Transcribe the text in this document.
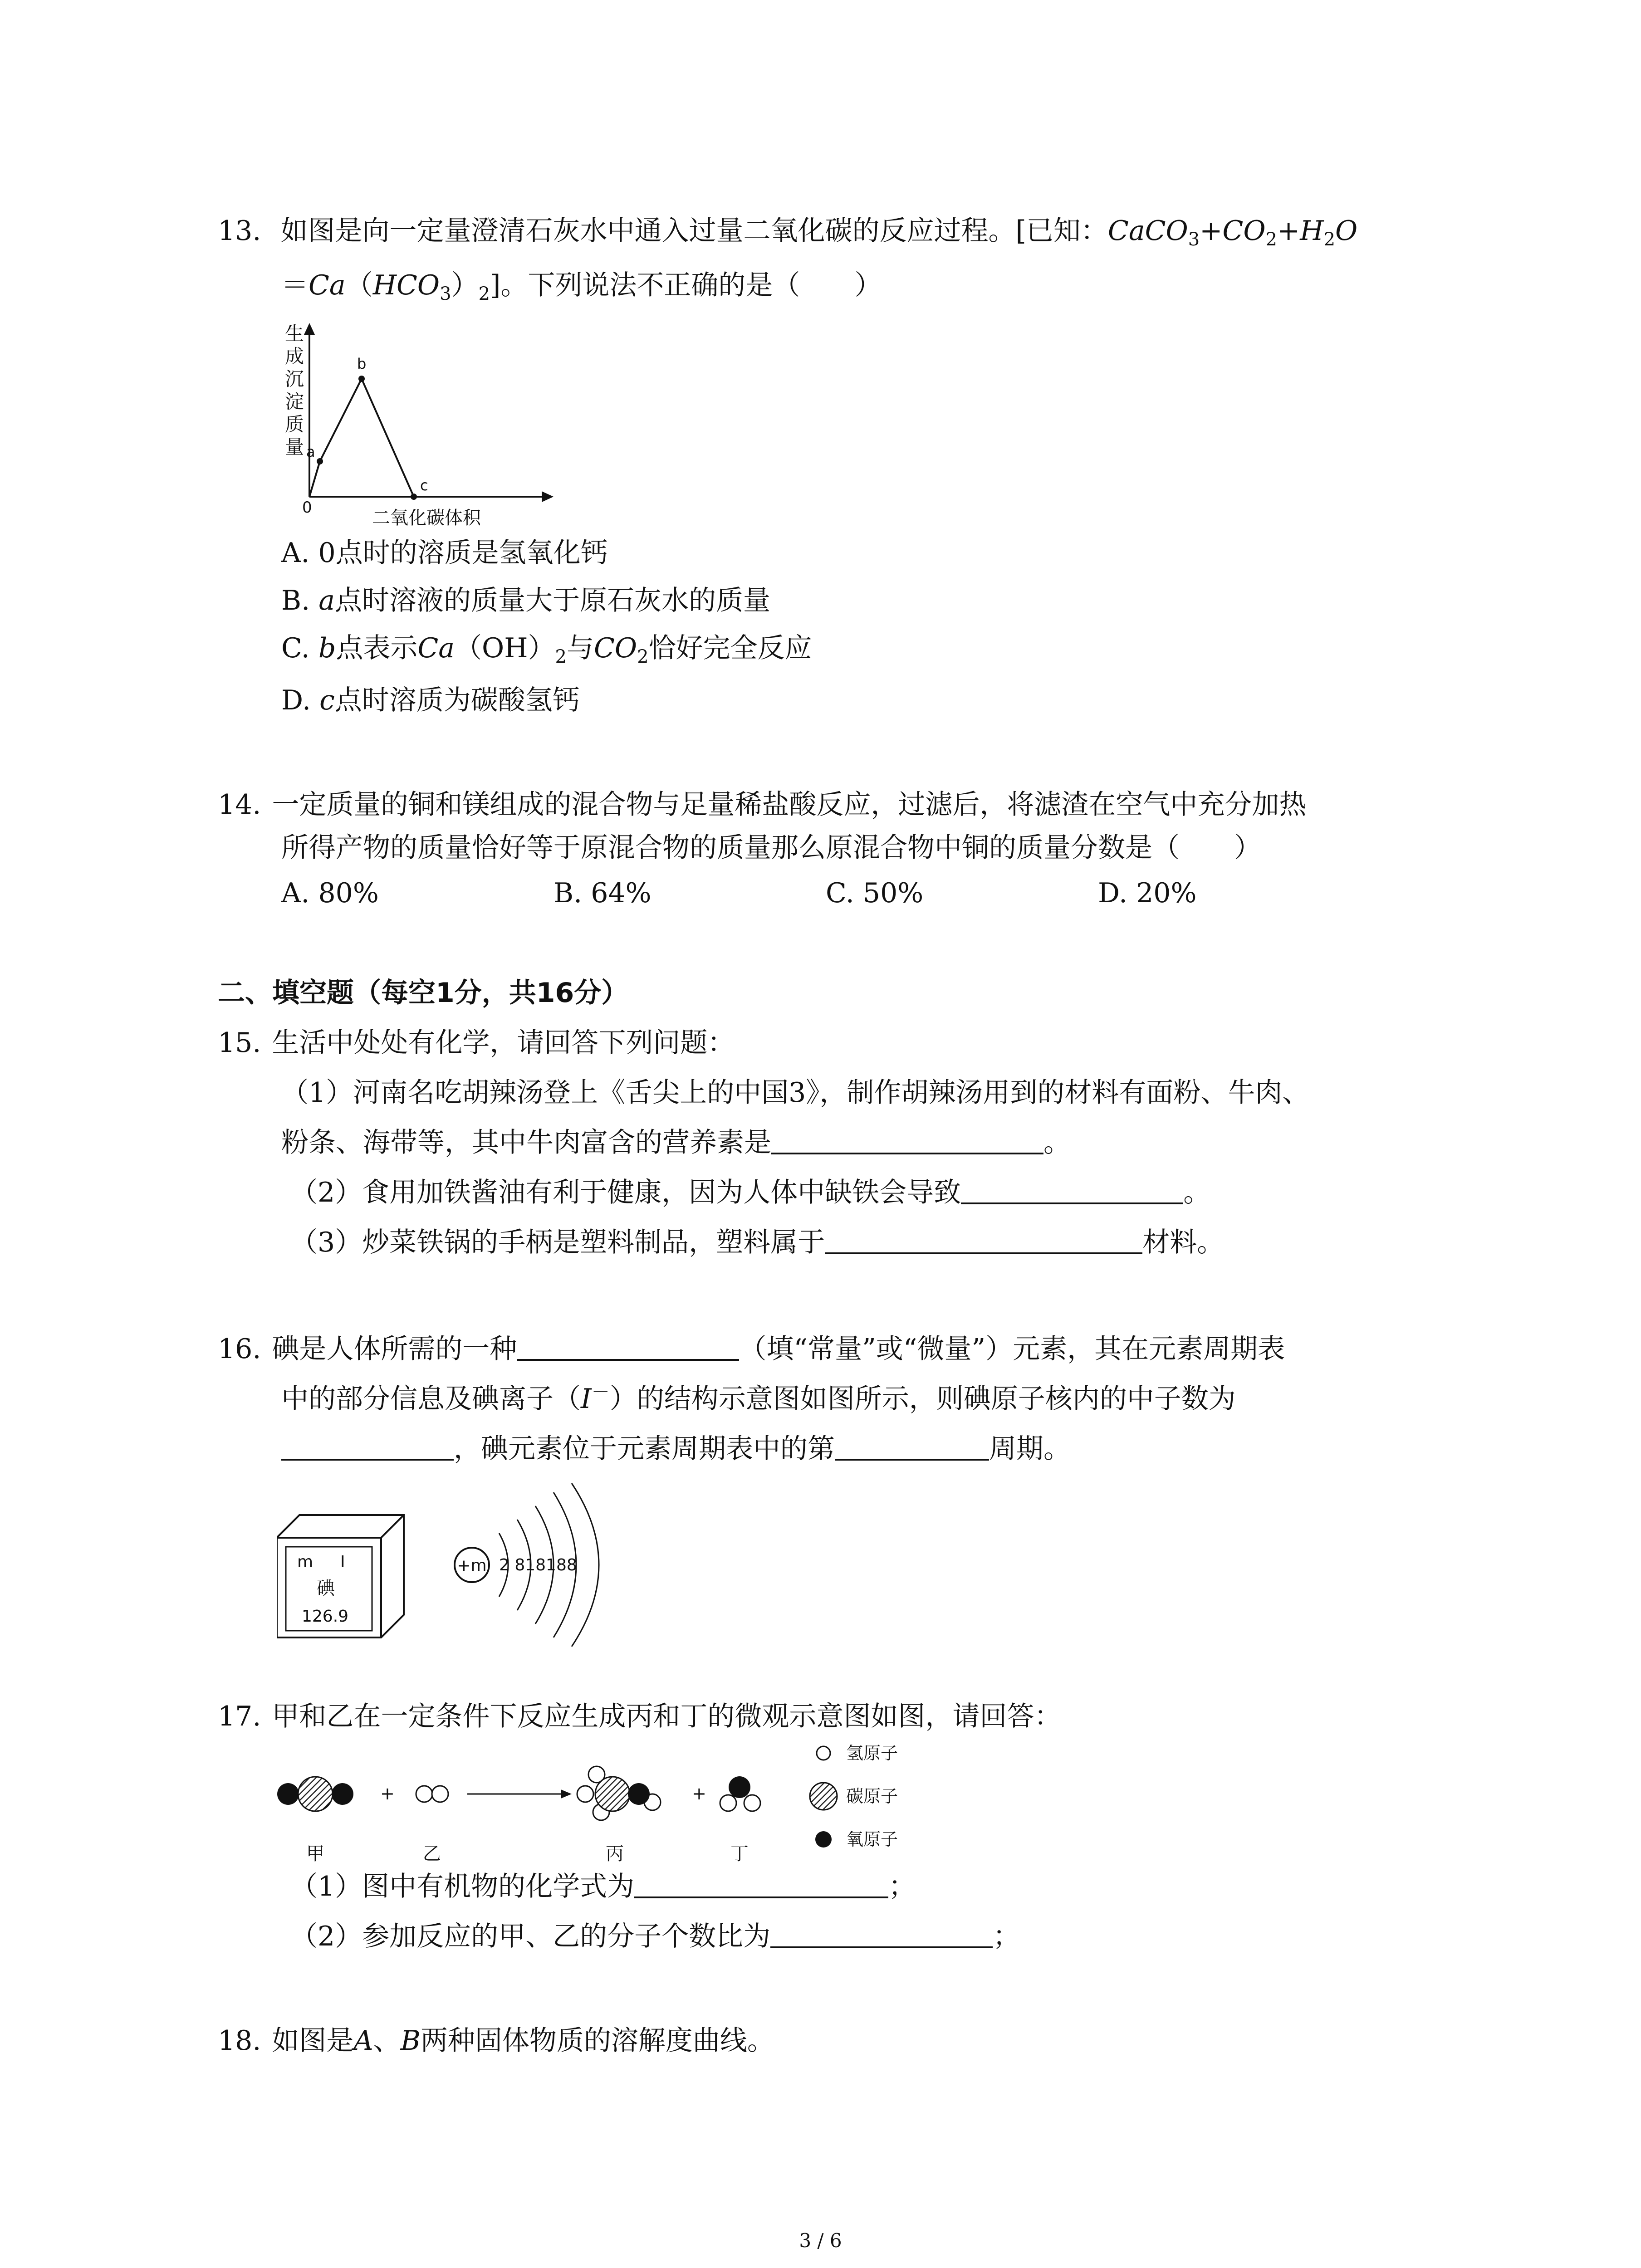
13. 如图是向一定量澄清石灰水中通入过量二氧化碳的反应过程。[已知：$CaCO_3+CO_2+H_2O$
$=Ca(HCO_3)_2$]。下列说法不正确的是（　　）
生
成
沉
淀
质
量
0	二氧化碳体积
a
b
c
A. 0点时的溶质是氢氧化钙
B. a点时溶液的质量大于原石灰水的质量
C. b点表示$Ca(OH)_2$与$CO_2$恰好完全反应
D. c点时溶质为碳酸氢钙
14. 一定质量的铜和镁组成的混合物与足量稀盐酸反应，过滤后，将滤渣在空气中充分加热
所得产物的质量恰好等于原混合物的质量那么原混合物中铜的质量分数是（　　）
A. 80%	B. 64%	C. 50%	D. 20%
二、填空题（每空1分，共16分）
15. 生活中处处有化学，请回答下列问题：
（1）河南名吃胡辣汤登上《舌尖上的中国3》，制作胡辣汤用到的材料有面粉、牛肉、
粉条、海带等，其中牛肉富含的营养素是	。
（2）食用加铁酱油有利于健康，因为人体中缺铁会导致	。
（3）炒菜铁锅的手柄是塑料制品，塑料属于	材料。
16. 碘是人体所需的一种	（填“常量”或“微量”）元素，其在元素周期表
中的部分信息及碘离子（I－）的结构示意图如图所示，则碘原子核内的中子数为
，碘元素位于元素周期表中的第	周期。
m I
碘
126.9
+m 2 818188
17. 甲和乙在一定条件下反应生成丙和丁的微观示意图如图，请回答：
+	+
甲	乙	丙	丁
氢原子
碳原子
氧原子
（1）图中有机物的化学式为	；
（2）参加反应的甲、乙的分子个数比为	；
18. 如图是A、B两种固体物质的溶解度曲线。
3 / 6
